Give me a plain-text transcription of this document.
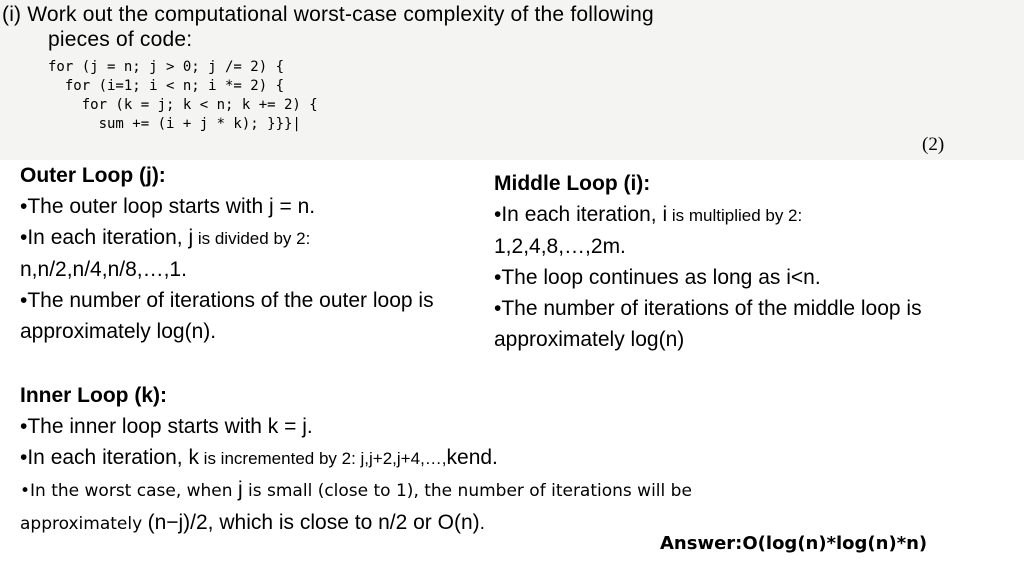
(i) Work out the computational worst-case complexity of the following
pieces of code:
for (j = n; j > 0; j /= 2) {
for (i=1; i < n; i *= 2) {
for (k = j; k < n; k += 2) {
sum += (i + j * k); }}}|
(2)
Outer Loop (j):

•The outer loop starts with j = n.

•In each iteration, j is divided by 2:

n,n/2,n/4,n/8,…,1.

•The number of iterations of the outer loop is approximately log(n).

Middle Loop (i):

•In each iteration, i is multiplied by 2:

1,2,4,8,…,2m.

•The loop continues as long as i<n.

•The number of iterations of the middle loop is approximately log(n)

Inner Loop (k):

•The inner loop starts with k = j.

•In each iteration, k is incremented by 2: j,j+2,j+4,…,kend.

•In the worst case, when j is small (close to 1), the number of iterations will be

approximately (n−j)/2, which is close to n/2 or O(n).

Answer:O(log(n)*log(n)*n)
